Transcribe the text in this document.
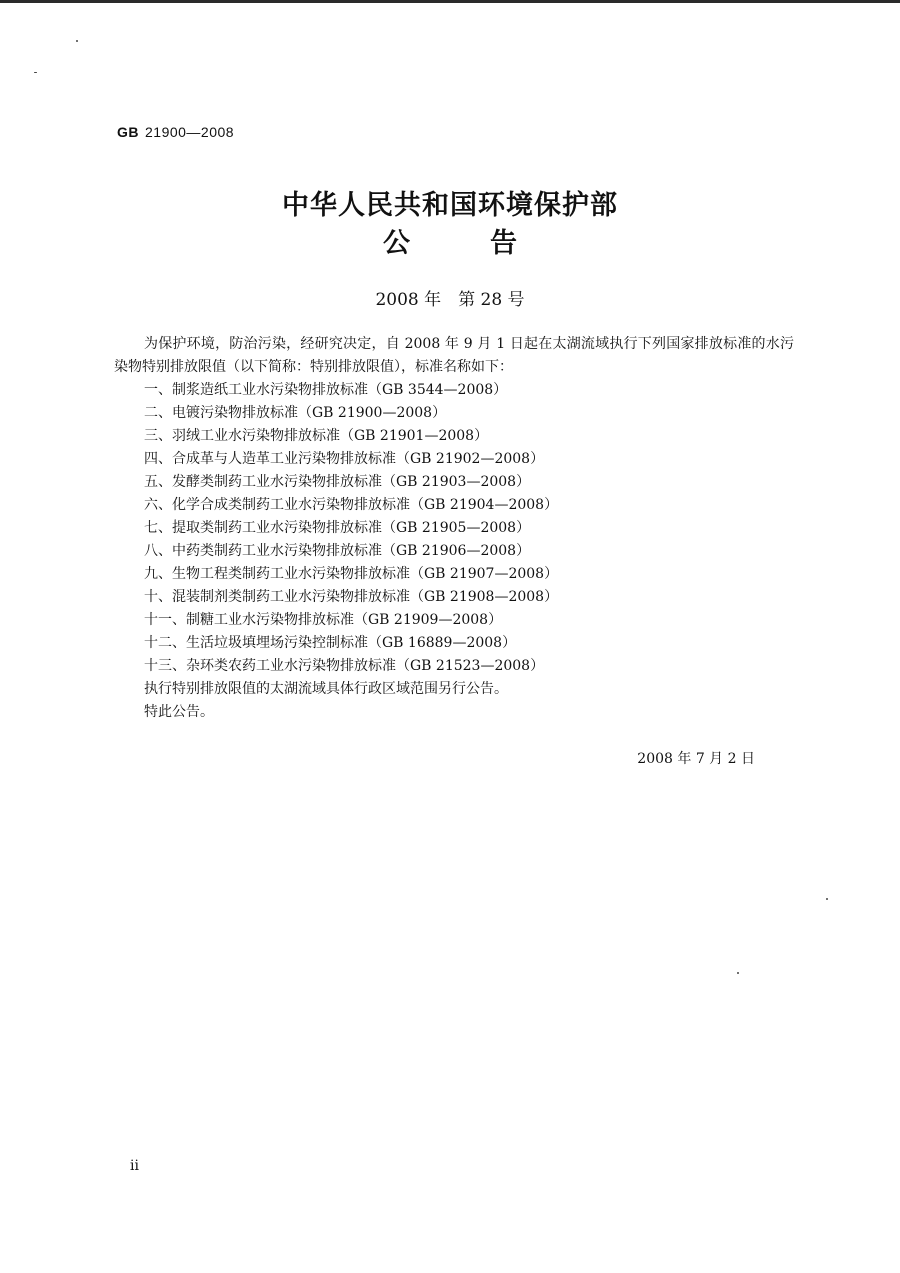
GB 21900—2008
中华人民共和国环境保护部
公	告
2008 年　第 28 号

为保护环境，防治污染，经研究决定，自 2008 年 9 月 1 日起在太湖流域执行下列国家排放标准的水污染物特别排放限值（以下简称：特别排放限值），标准名称如下：

一、制浆造纸工业水污染物排放标准（GB 3544—2008）
二、电镀污染物排放标准（GB 21900—2008）
三、羽绒工业水污染物排放标准（GB 21901—2008）
四、合成革与人造革工业污染物排放标准（GB 21902—2008）
五、发酵类制药工业水污染物排放标准（GB 21903—2008）
六、化学合成类制药工业水污染物排放标准（GB 21904—2008）
七、提取类制药工业水污染物排放标准（GB 21905—2008）
八、中药类制药工业水污染物排放标准（GB 21906—2008）
九、生物工程类制药工业水污染物排放标准（GB 21907—2008）
十、混装制剂类制药工业水污染物排放标准（GB 21908—2008）
十一、制糖工业水污染物排放标准（GB 21909—2008）
十二、生活垃圾填埋场污染控制标准（GB 16889—2008）
十三、杂环类农药工业水污染物排放标准（GB 21523—2008）

执行特别排放限值的太湖流域具体行政区域范围另行公告。

特此公告。

2008 年 7 月 2 日
ii
